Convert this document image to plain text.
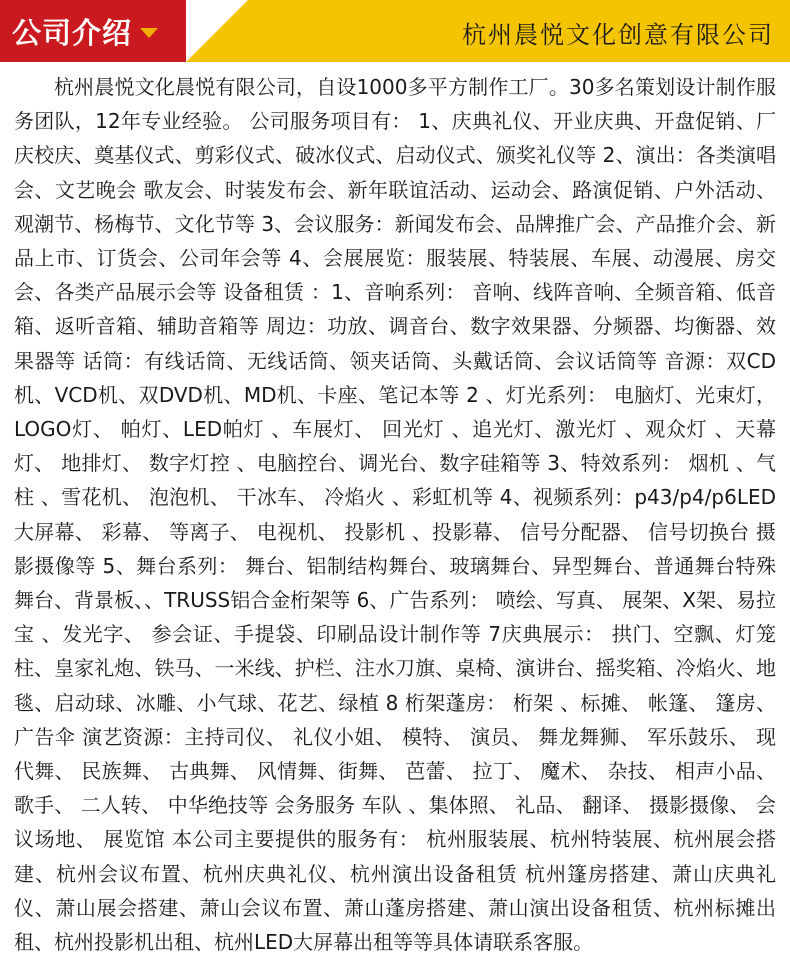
公司介绍	杭州晨悦文化创意有限公司
杭州晨悦文化晨悦有限公司，自设1000多平方制作工厂。30多名策划设计制作服务团队，12年专业经验。 公司服务项目有： 1、庆典礼仪、开业庆典、开盘促销、厂庆校庆、奠基仪式、剪彩仪式、破冰仪式、启动仪式、颁奖礼仪等 2、演出：各类演唱会、文艺晚会 歌友会、时装发布会、新年联谊活动、运动会、路演促销、户外活动、观潮节、杨梅节、文化节等 3、会议服务：新闻发布会、品牌推广会、产品推介会、新品上市、订货会、公司年会等 4、会展展览：服装展、特装展、车展、动漫展、房交会、各类产品展示会等 设备租赁 ：1、音响系列： 音响、线阵音响、全频音箱、低音箱、返听音箱、辅助音箱等 周边：功放、调音台、数字效果器、分频器、均衡器、效果器等 话筒：有线话筒、无线话筒、领夹话筒、头戴话筒、会议话筒等 音源：双CD机、VCD机、双DVD机、MD机、卡座、笔记本等 2 、灯光系列： 电脑灯、光束灯， LOGO灯、 帕灯、LED帕灯 、车展灯、 回光灯 、追光灯、激光灯 、观众灯 、天幕灯、 地排灯、 数字灯控 、电脑控台、调光台、数字硅箱等 3、特效系列： 烟机 、气柱 、雪花机、 泡泡机、 干冰车、 冷焰火 、彩虹机等 4、视频系列：p43/p4/p6LED大屏幕、 彩幕、 等离子、 电视机、 投影机 、投影幕、 信号分配器、 信号切换台 摄影摄像等 5、舞台系列： 舞台、铝制结构舞台、玻璃舞台、异型舞台、普通舞台特殊舞台、背景板、、TRUSS铝合金桁架等 6、广告系列： 喷绘、写真、 展架、X架、易拉宝 、发光字、 参会证、手提袋、印刷品设计制作等 7庆典展示： 拱门、空飘、灯笼柱、皇家礼炮、铁马、一米线、护栏、注水刀旗、桌椅、演讲台、摇奖箱、冷焰火、地毯、启动球、冰雕、小气球、花艺、绿植 8 桁架蓬房： 桁架 、标摊、 帐篷、 篷房、 广告伞 演艺资源：主持司仪、 礼仪小姐、 模特、 演员、 舞龙舞狮、 军乐鼓乐、 现代舞、 民族舞、 古典舞、 风情舞、街舞、 芭蕾、 拉丁、 魔术、 杂技、 相声小品、 歌手、 二人转、 中华绝技等 会务服务 车队 、集体照、 礼品、 翻译、 摄影摄像、 会议场地、 展览馆 本公司主要提供的服务有： 杭州服装展、杭州特装展、杭州展会搭建、杭州会议布置、杭州庆典礼仪、杭州演出设备租赁 杭州篷房搭建、萧山庆典礼仪、萧山展会搭建、萧山会议布置、萧山蓬房搭建、萧山演出设备租赁、杭州标摊出租、杭州投影机出租、杭州LED大屏幕出租等等具体请联系客服。
